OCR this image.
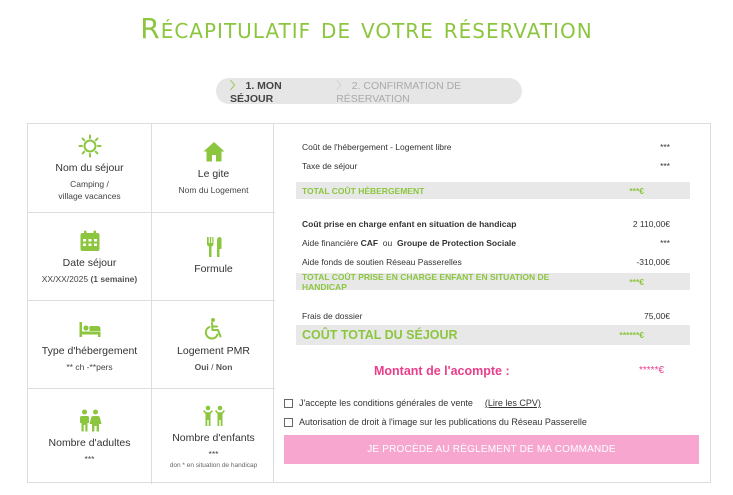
Récapitulatif de votre réservation
〉 1. MON SÉJOUR
〉 2. CONFIRMATION DE RÉSERVATION
Nom du séjour
Camping /
village vacances
Le gite
Nom du Logement
Date séjour
XX/XX/2025 (1 semaine)
Formule
Type d'hébergement
** ch -**pers
Logement PMR
Oui / Non
Nombre d'adultes
***
Nombre d'enfants
***
don * en situation de handicap
Coût de l'hébergement - Logement libre	***
Taxe de séjour	***
TOTAL COÛT HÉBERGEMENT	***€
Coût prise en charge enfant en situation de handicap	2 110,00€
Aide financière CAF  ou  Groupe de Protection Sociale	***
Aide fonds de soutien Réseau Passerelles	-310,00€
TOTAL COÛT PRISE EN CHARGE ENFANT EN SITUATION DE HANDICAP	***€
Frais de dossier	75,00€
COÛT TOTAL DU SÉJOUR	******€
Montant de l'acompte :	*****€
J'accepte les conditions générales de vente (Lire les CPV)
Autorisation de droit à l'image sur les publications du Réseau Passerelle
JE PROCÈDE AU RÈGLEMENT DE MA COMMANDE
